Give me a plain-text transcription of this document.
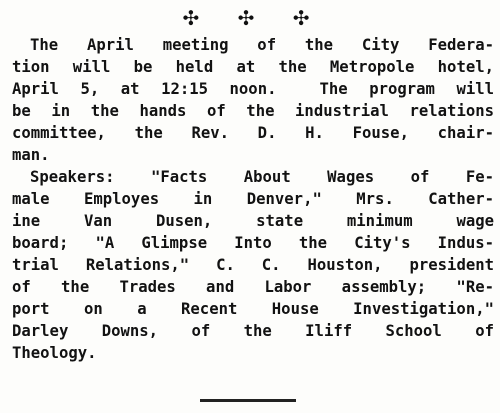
✣ ✣ ✣
The April meeting of the City Federa-
tion will be held at the Metropole hotel,
April 5, at 12:15 noon.  The program will
be in the hands of the industrial relations
committee, the Rev. D. H. Fouse, chair-
man.
Speakers: "Facts About Wages of Fe-
male Employes in Denver," Mrs. Cather-
ine Van Dusen, state minimum wage
board; "A Glimpse Into the City's Indus-
trial Relations," C. C. Houston, president
of the Trades and Labor assembly; "Re-
port on a Recent House Investigation,"
Darley Downs, of the Iliff School of
Theology.
